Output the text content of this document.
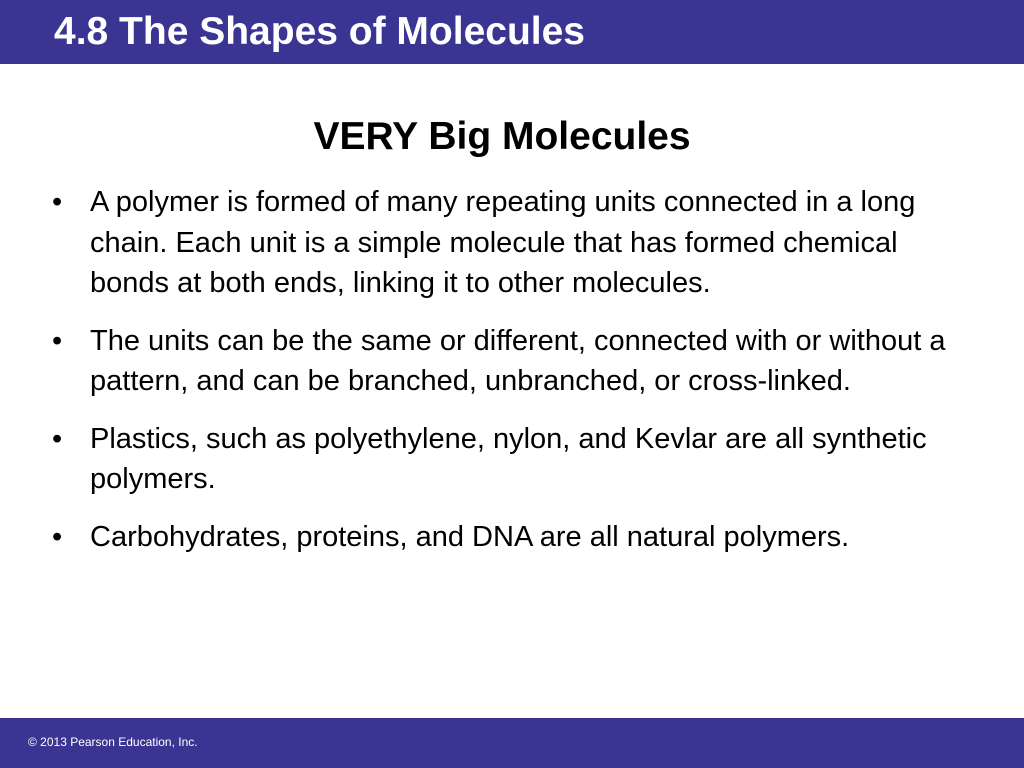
4.8 The Shapes of Molecules
VERY Big Molecules
• A polymer is formed of many repeating units connected in a long chain. Each unit is a simple molecule that has formed chemical bonds at both ends, linking it to other molecules.
• The units can be the same or different, connected with or without a pattern, and can be branched, unbranched, or cross-linked.
• Plastics, such as polyethylene, nylon, and Kevlar are all synthetic polymers.
• Carbohydrates, proteins, and DNA are all natural polymers.
© 2013 Pearson Education, Inc.
